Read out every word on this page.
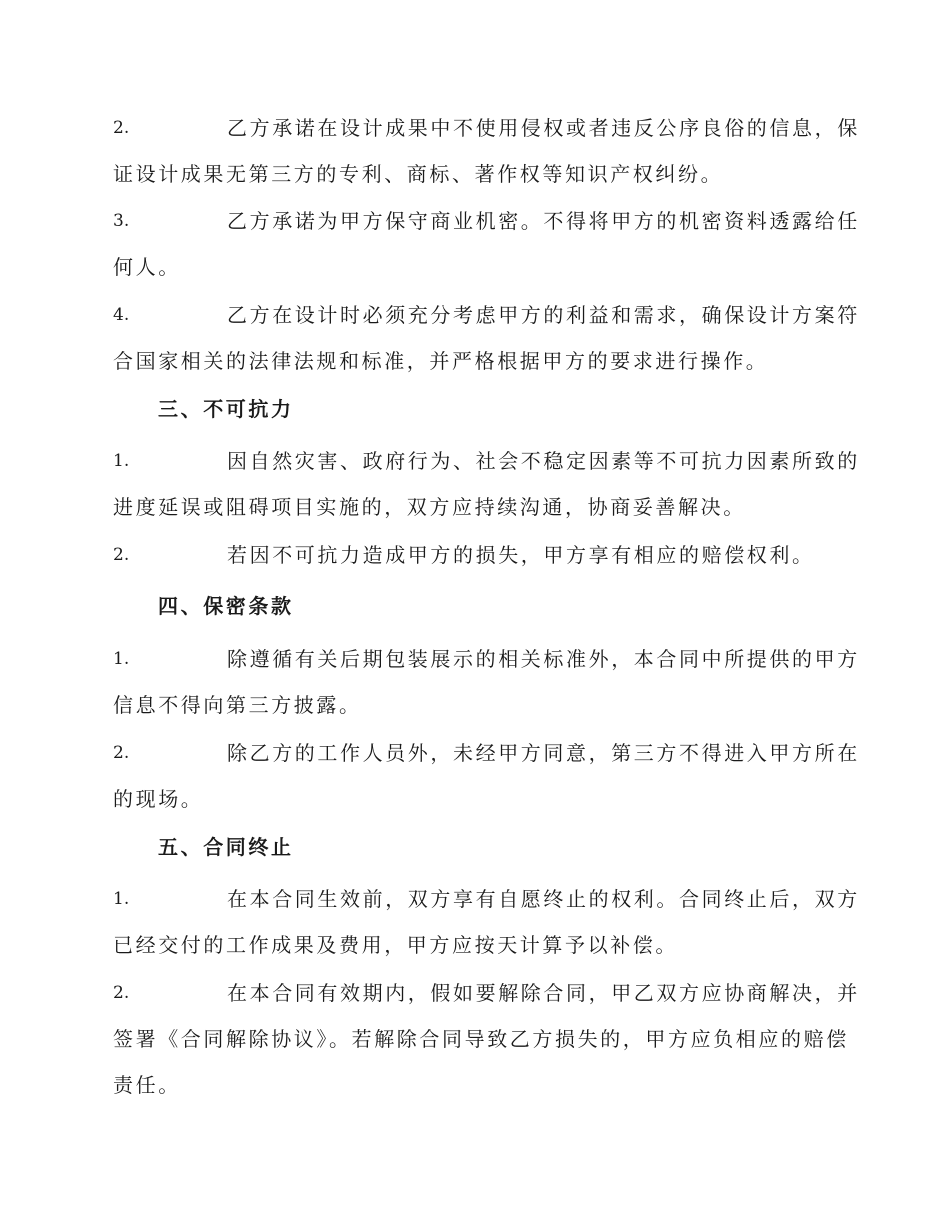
2.	乙方承诺在设计成果中不使用侵权或者违反公序良俗的信息，保
证设计成果无第三方的专利、商标、著作权等知识产权纠纷。
3.	乙方承诺为甲方保守商业机密。不得将甲方的机密资料透露给任
何人。
4.	乙方在设计时必须充分考虑甲方的利益和需求，确保设计方案符
合国家相关的法律法规和标准，并严格根据甲方的要求进行操作。
三、不可抗力
1.	因自然灾害、政府行为、社会不稳定因素等不可抗力因素所致的
进度延误或阻碍项目实施的，双方应持续沟通，协商妥善解决。
2.	若因不可抗力造成甲方的损失，甲方享有相应的赔偿权利。
四、保密条款
1.	除遵循有关后期包装展示的相关标准外，本合同中所提供的甲方
信息不得向第三方披露。
2.	除乙方的工作人员外，未经甲方同意，第三方不得进入甲方所在
的现场。
五、合同终止
1.	在本合同生效前，双方享有自愿终止的权利。合同终止后，双方
已经交付的工作成果及费用，甲方应按天计算予以补偿。
2.	在本合同有效期内，假如要解除合同，甲乙双方应协商解决，并
签署《合同解除协议》。若解除合同导致乙方损失的，甲方应负相应的赔偿
责任。
